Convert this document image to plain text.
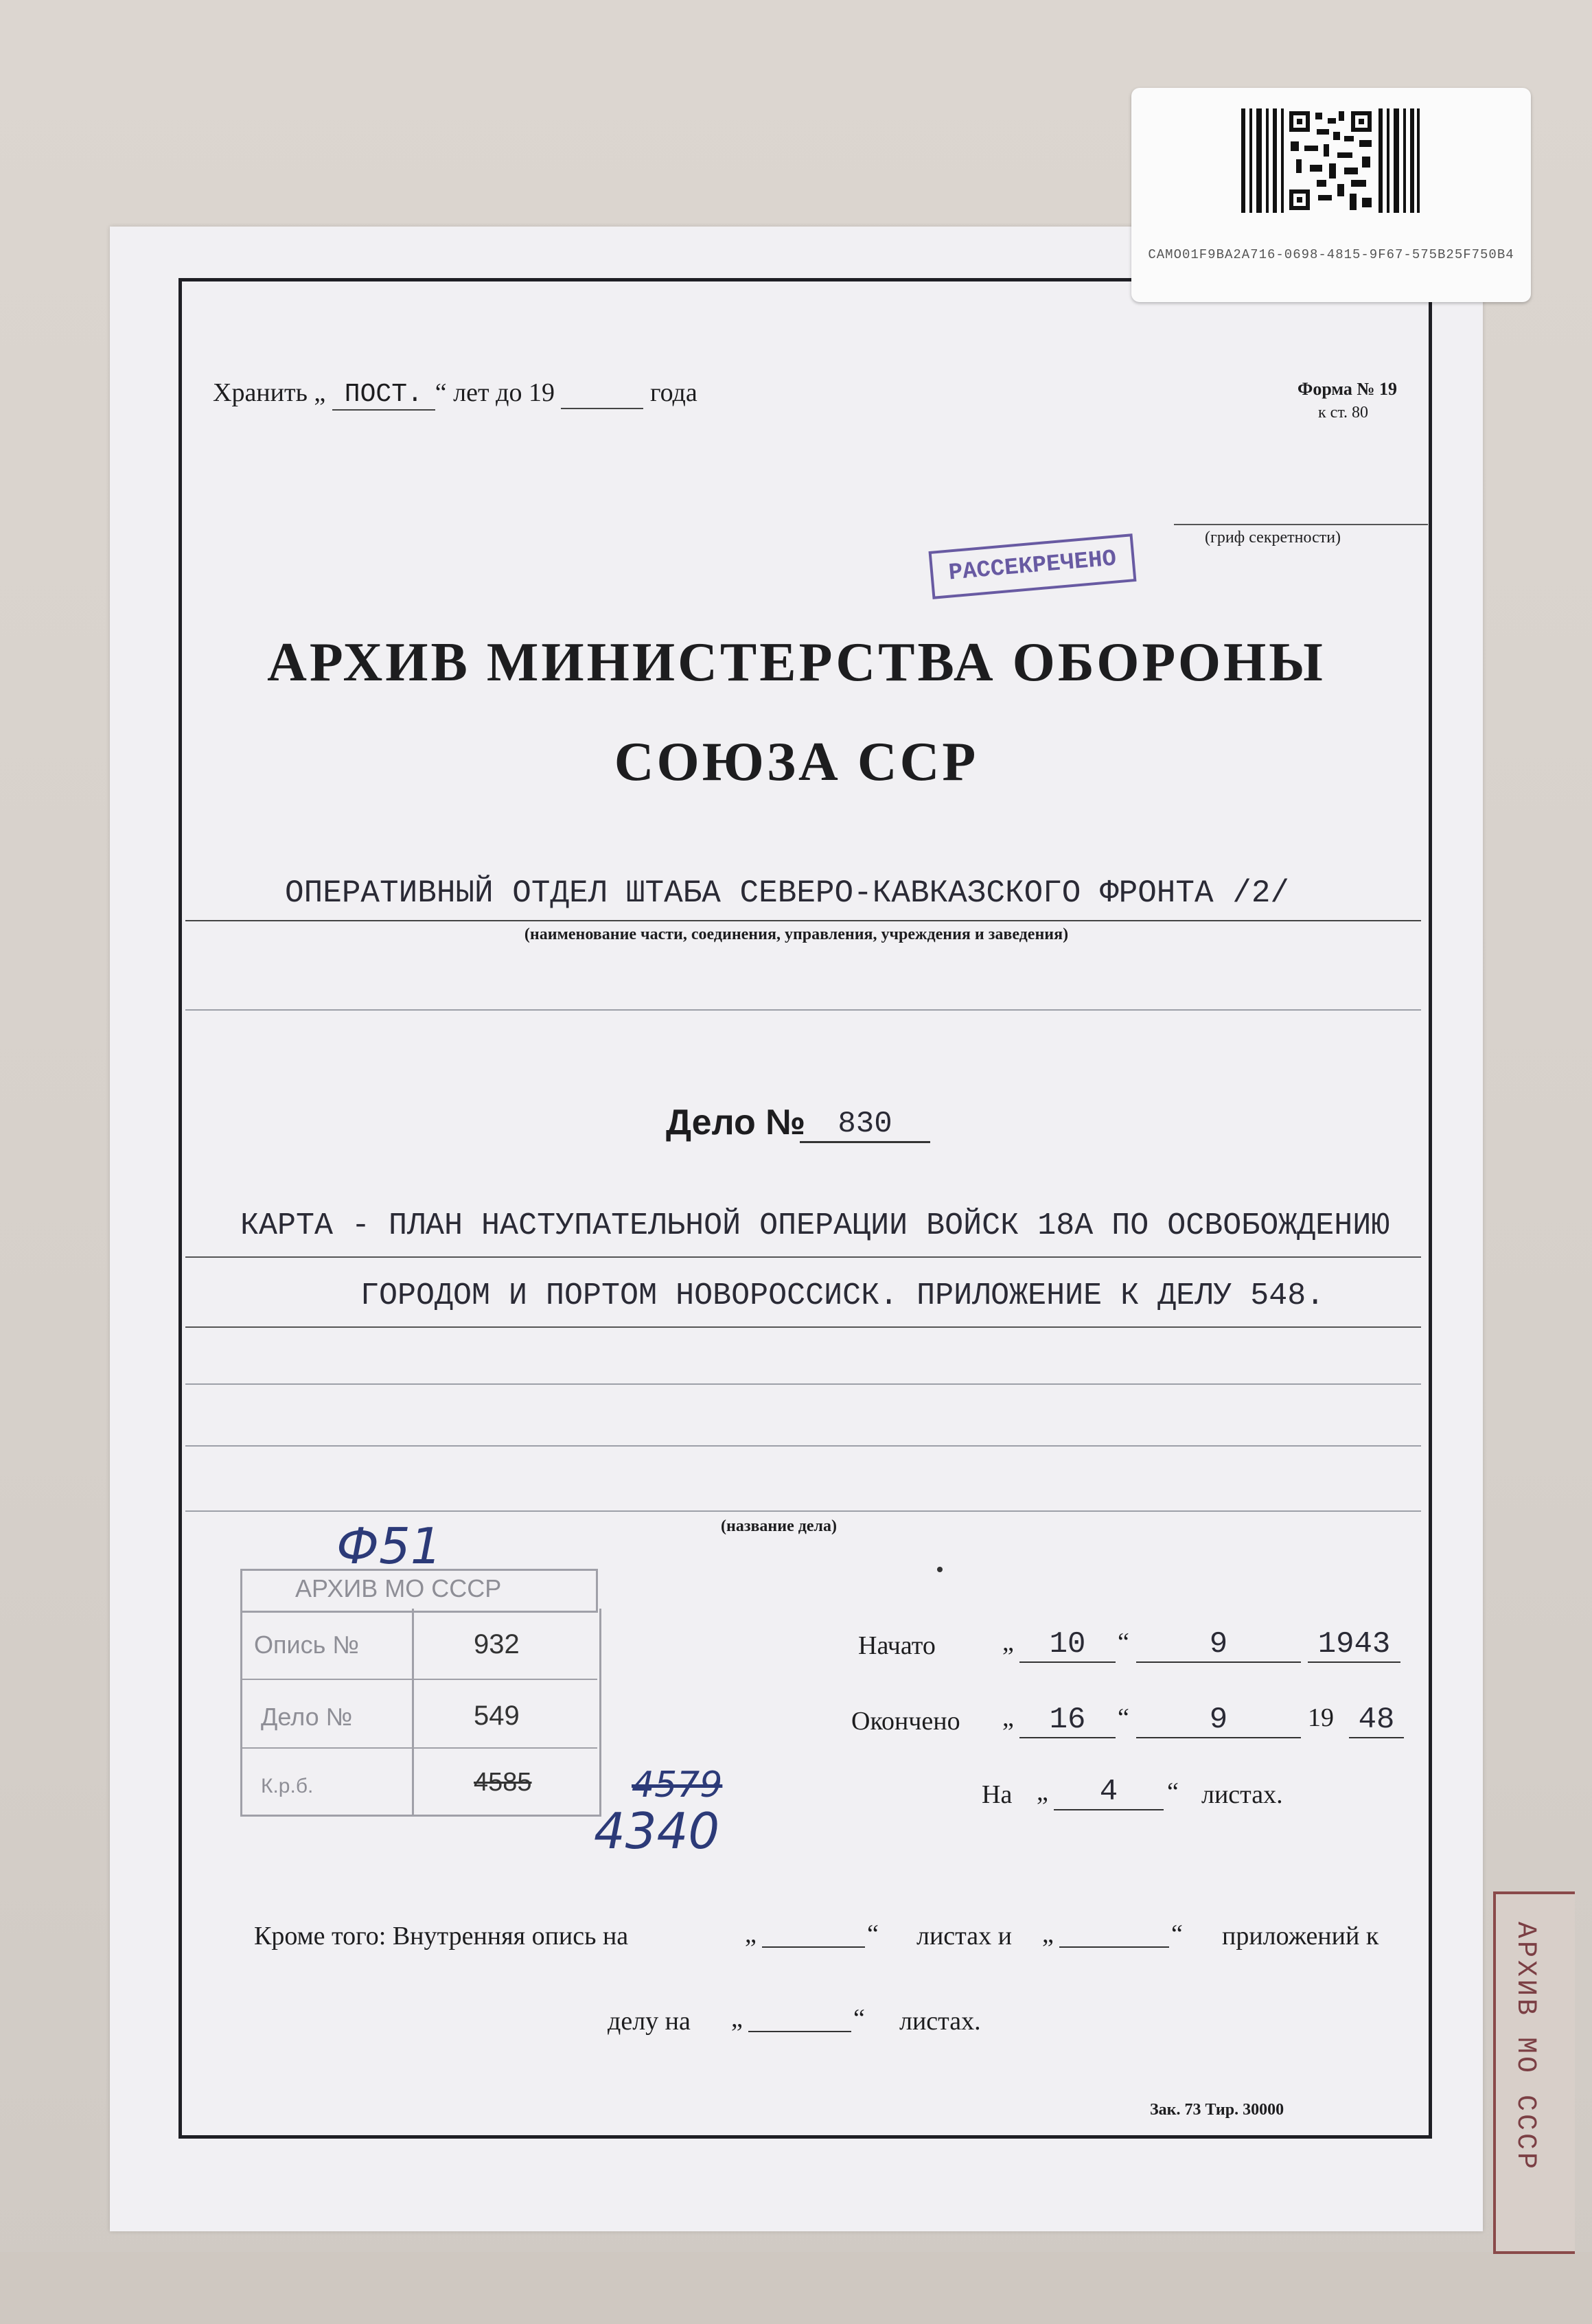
АРХИВ МО СССР
Хранить „ ПОСТ. “ лет до 19	года	Форма № 19
к ст. 80
(гриф секретности)
РАССЕКРЕЧЕНО
АРХИВ МИНИСТЕРСТВА ОБОРОНЫ
СОЮЗА ССР
ОПЕРАТИВНЫЙ ОТДЕЛ ШТАБА СЕВЕРО-КАВКАЗСКОГО ФРОНТА /2/
(наименование части, соединения, управления, учреждения и заведения)
Дело №	830
КАРТА - ПЛАН НАСТУПАТЕЛЬНОЙ ОПЕРАЦИИ ВОЙСК 18А ПО ОСВОБОЖДЕНИЮ
ГОРОДОМ И ПОРТОМ НОВОРОССИСК. ПРИЛОЖЕНИЕ К ДЕЛУ 548.
(название дела)
Ф51
АРХИВ МО СССР
Опись №	932
Дело №	549
К.р.б.	4585	4579
4340
Начато	„	10	“	9	1943
Окончено „	16	“	9	19 48
На „	4	“ листах.
Кроме того: Внутренняя опись на	„	“ листах и „	“ приложений к
делу на „	“ листах.
Зак. 73 Тир. 30000
CAMO01F9BA2A716-0698-4815-9F67-575B25F750B4
